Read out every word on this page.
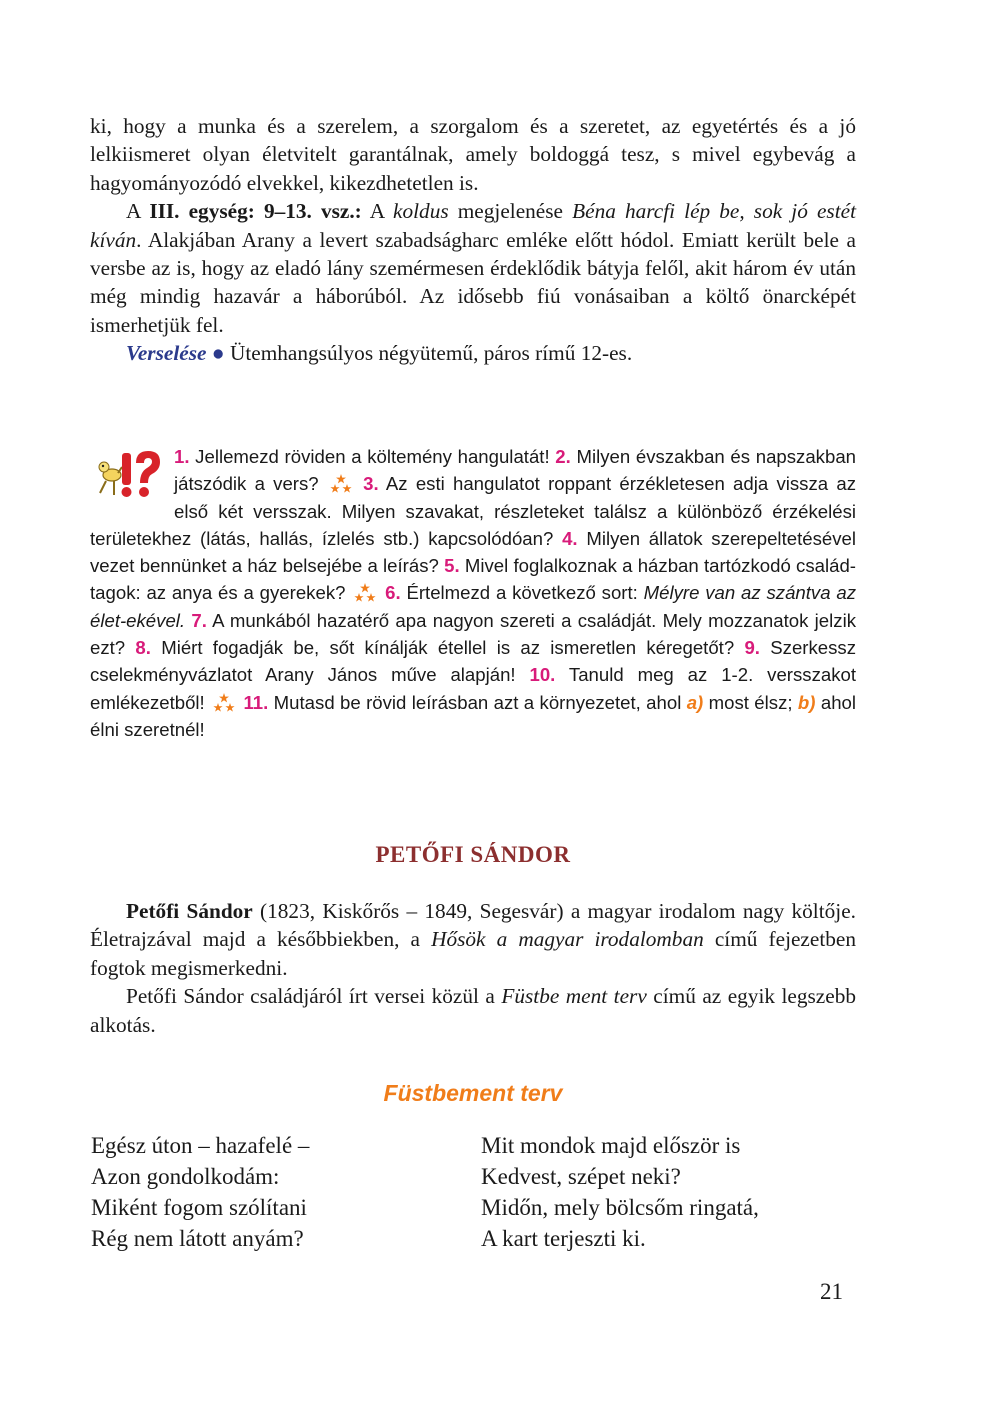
ki, hogy a munka és a szerelem, a szorgalom és a szeretet, az egyetértés és a jó lelkiismeret olyan életvitelt garantálnak, amely boldoggá tesz, s mivel egybevág a hagyományozódó elvekkel, kikezdhetetlen is.

A III. egység: 9–13. vsz.: A koldus megjelenése Béna harcfi lép be, sok jó estét kíván. Alakjában Arany a levert szabadságharc emléke előtt hódol. Emiatt került bele a versbe az is, hogy az eladó lány szemérmesen érdeklődik bátyja felől, akit három év után még mindig hazavár a háborúból. Az idősebb fiú vonásaiban a költő önarcképét ismerhetjük fel.

Verselése ● Ütemhangsúlyos négyütemű, páros rímű 12-es.

1. Jellemezd röviden a költemény hangulatát! 2. Milyen évszakban és napszakban játszódik a vers?  3. Az esti hangulatot roppant érzékletesen adja vissza az első két versszak. Milyen szavakat, részleteket találsz a különböző érzékelési területekhez (látás, hallás, ízlelés stb.) kapcsolódóan? 4. Milyen állatok szerepeltetésével vezet bennünket a ház belsejébe a leírás? 5. Mivel foglalkoznak a házban tartózkodó családtagok: az anya és a gyerekek?  6. Értelmezd a következő sort: Mélyre van az szántva az élet-ekével. 7. A munkából hazatérő apa nagyon szereti a családját. Mely mozzanatok jelzik ezt? 8. Miért fogadják be, sőt kínálják étellel is az ismeretlen kéregetőt? 9. Szerkessz cselekményvázlatot Arany János műve alapján! 10. Tanuld meg az 1-2. versszakot emlékezetből!  11. Mutasd be rövid leírásban azt a környezetet, ahol a) most élsz; b) ahol élni szeretnél!

PETŐFI SÁNDOR

Petőfi Sándor (1823, Kiskőrős – 1849, Segesvár) a magyar irodalom nagy költője. Életrajzával majd a későbbiekben, a Hősök a magyar irodalomban című fejezetben fogtok megismerkedni.

Petőfi Sándor családjáról írt versei közül a Füstbe ment terv című az egyik legszebb alkotás.

Füstbement terv
Egész úton – hazafelé –
Azon gondolkodám:
Miként fogom szólítani
Rég nem látott anyám?
Mit mondok majd először is
Kedvest, szépet neki?
Midőn, mely bölcsőm ringatá,
A kart terjeszti ki.
21
